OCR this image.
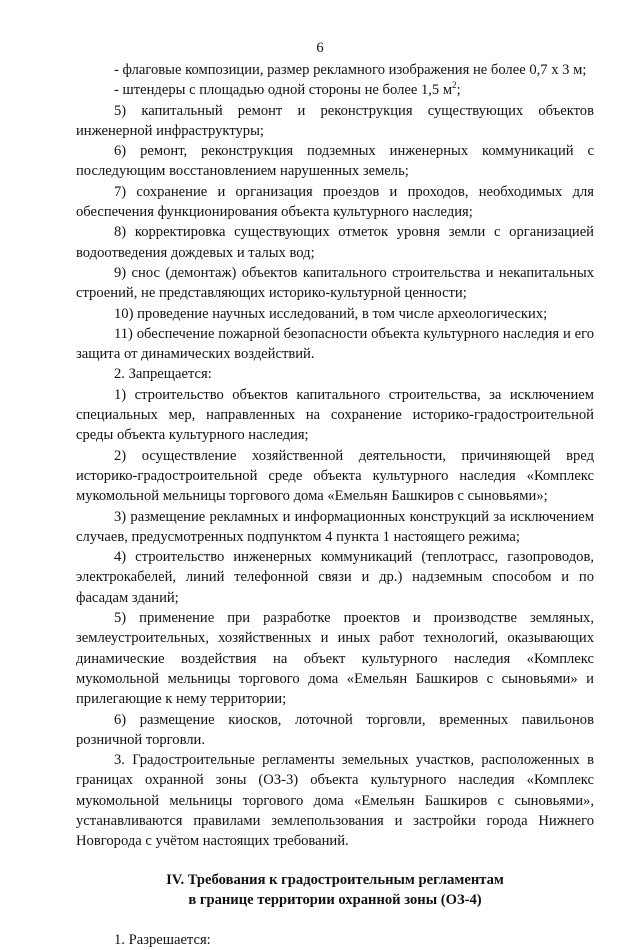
6

- флаговые композиции, размер рекламного изображения не более 0,7 х 3 м;

- штендеры с площадью одной стороны не более 1,5 $м^2$;

5) капитальный ремонт и реконструкция существующих объектов инженерной инфраструктуры;

6) ремонт, реконструкция подземных инженерных коммуникаций с последующим восстановлением нарушенных земель;

7) сохранение и организация проездов и проходов, необходимых для обеспечения функционирования объекта культурного наследия;

8) корректировка существующих отметок уровня земли с организацией водоотведения дождевых и талых вод;

9) снос (демонтаж) объектов капитального строительства и некапитальных строений, не представляющих историко-культурной ценности;

10) проведение научных исследований, в том числе археологических;

11) обеспечение пожарной безопасности объекта культурного наследия и его защита от динамических воздействий.

2. Запрещается:

1) строительство объектов капитального строительства, за исключением специальных мер, направленных на сохранение историко-градостроительной среды объекта культурного наследия;

2) осуществление хозяйственной деятельности, причиняющей вред историко-градостроительной среде объекта культурного наследия «Комплекс мукомольной мельницы торгового дома «Емельян Башкиров с сыновьями»;

3) размещение рекламных и информационных конструкций за исключением случаев, предусмотренных подпунктом 4 пункта 1 настоящего режима;

4) строительство инженерных коммуникаций (теплотрасс, газопроводов, электрокабелей, линий телефонной связи и др.) надземным способом и по фасадам зданий;

5) применение при разработке проектов и производстве земляных, землеустроительных, хозяйственных и иных работ технологий, оказывающих динамические воздействия на объект культурного наследия «Комплекс мукомольной мельницы торгового дома «Емельян Башкиров с сыновьями» и прилегающие к нему территории;

6) размещение киосков, лоточной торговли, временных павильонов розничной торговли.

3. Градостроительные регламенты земельных участков, расположенных в границах охранной зоны (ОЗ-3) объекта культурного наследия «Комплекс мукомольной мельницы торгового дома «Емельян Башкиров с сыновьями», устанавливаются правилами землепользования и застройки города Нижнего Новгорода с учётом настоящих требований.

IV. Требования к градостроительным регламентам

в границе территории охранной зоны (ОЗ-4)

1. Разрешается:
